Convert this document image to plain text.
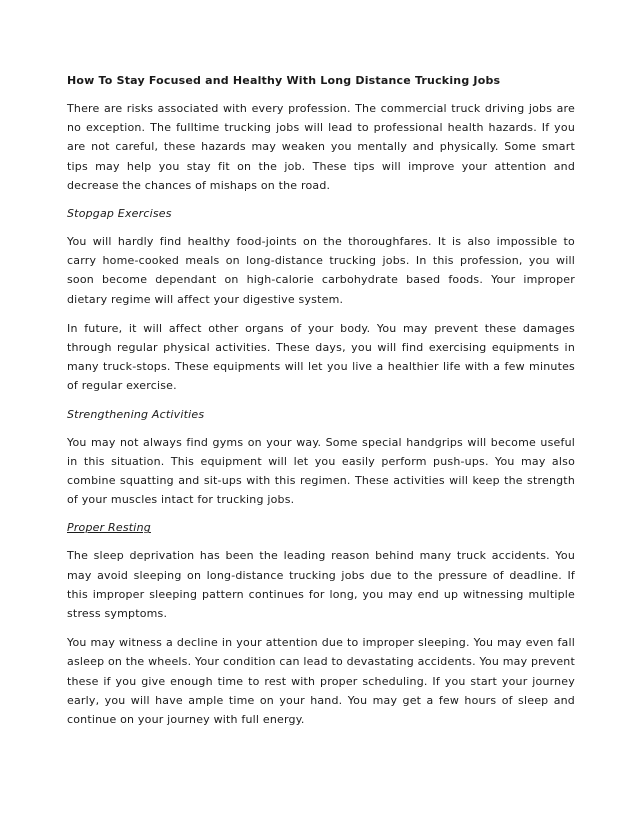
How To Stay Focused and Healthy With Long Distance Trucking Jobs

There are risks associated with every profession. The commercial truck driving jobs are no exception. The fulltime trucking jobs will lead to professional health hazards. If you are not careful, these hazards may weaken you mentally and physically. Some smart tips may help you stay fit on the job. These tips will improve your attention and decrease the chances of mishaps on the road.

Stopgap Exercises

You will hardly find healthy food-joints on the thoroughfares. It is also impossible to carry home-cooked meals on long-distance trucking jobs. In this profession, you will soon become dependant on high-calorie carbohydrate based foods. Your improper dietary regime will affect your digestive system.

In future, it will affect other organs of your body. You may prevent these damages through regular physical activities. These days, you will find exercising equipments in many truck-stops. These equipments will let you live a healthier life with a few minutes of regular exercise.

Strengthening Activities

You may not always find gyms on your way. Some special handgrips will become useful in this situation. This equipment will let you easily perform push-ups. You may also combine squatting and sit-ups with this regimen. These activities will keep the strength of your muscles intact for trucking jobs.

Proper Resting

The sleep deprivation has been the leading reason behind many truck accidents. You may avoid sleeping on long-distance trucking jobs due to the pressure of deadline. If this improper sleeping pattern continues for long, you may end up witnessing multiple stress symptoms.

You may witness a decline in your attention due to improper sleeping. You may even fall asleep on the wheels. Your condition can lead to devastating accidents. You may prevent these if you give enough time to rest with proper scheduling. If you start your journey early, you will have ample time on your hand. You may get a few hours of sleep and continue on your journey with full energy.
